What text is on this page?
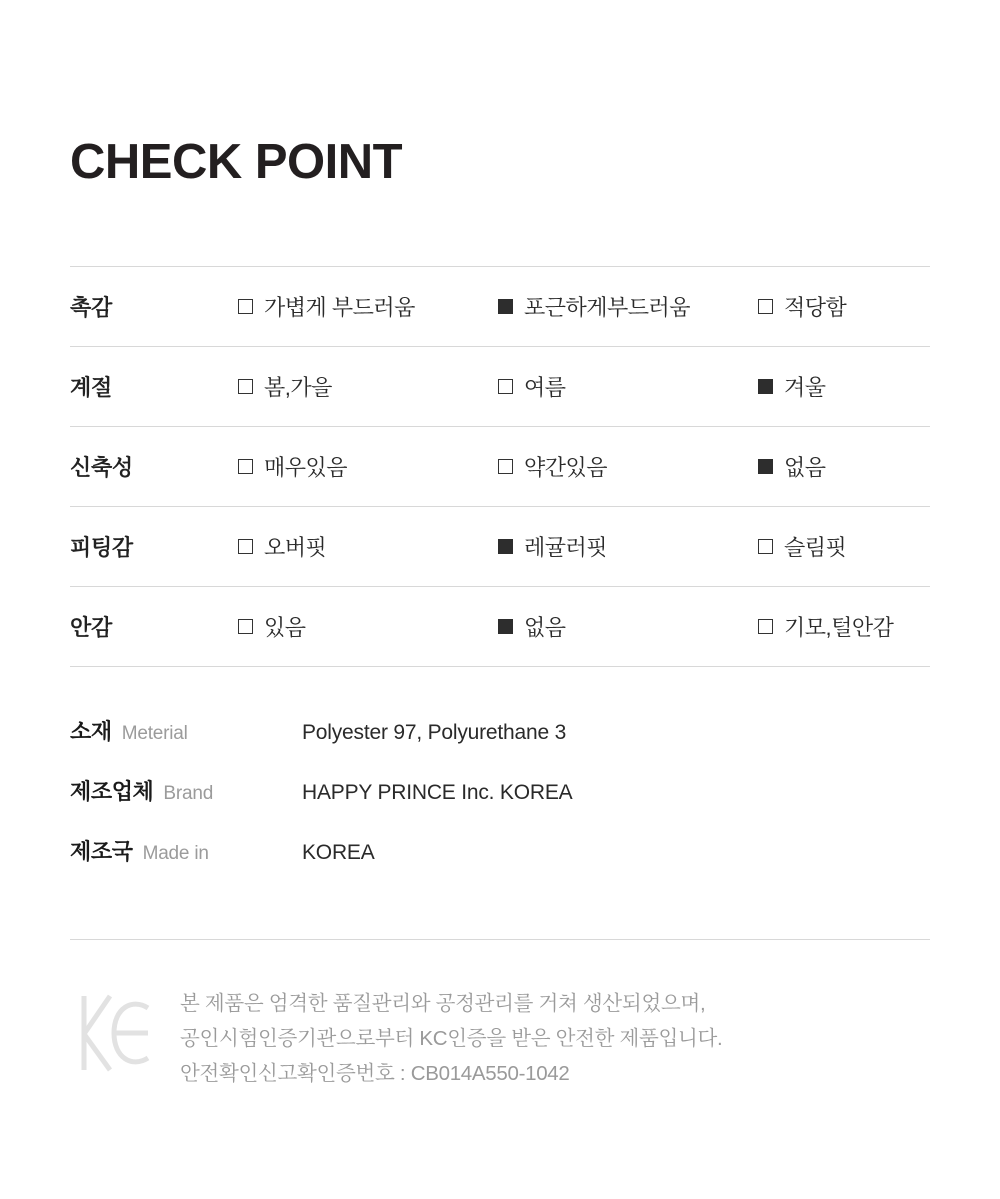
CHECK POINT
촉감	가볍게 부드러움	포근하게부드러움	적당함
계절	봄,가을	여름	겨울
신축성	매우있음	약간있음	없음
피팅감	오버핏	레귤러핏	슬림핏
안감	있음	없음	기모,털안감
소재 Meterial	Polyester 97, Polyurethane 3
제조업체 Brand	HAPPY PRINCE Inc. KOREA
제조국 Made in	KOREA
본 제품은 엄격한 품질관리와 공정관리를 거쳐 생산되었으며,
공인시험인증기관으로부터 KC인증을 받은 안전한 제품입니다.
안전확인신고확인증번호 : CB014A550-1042
